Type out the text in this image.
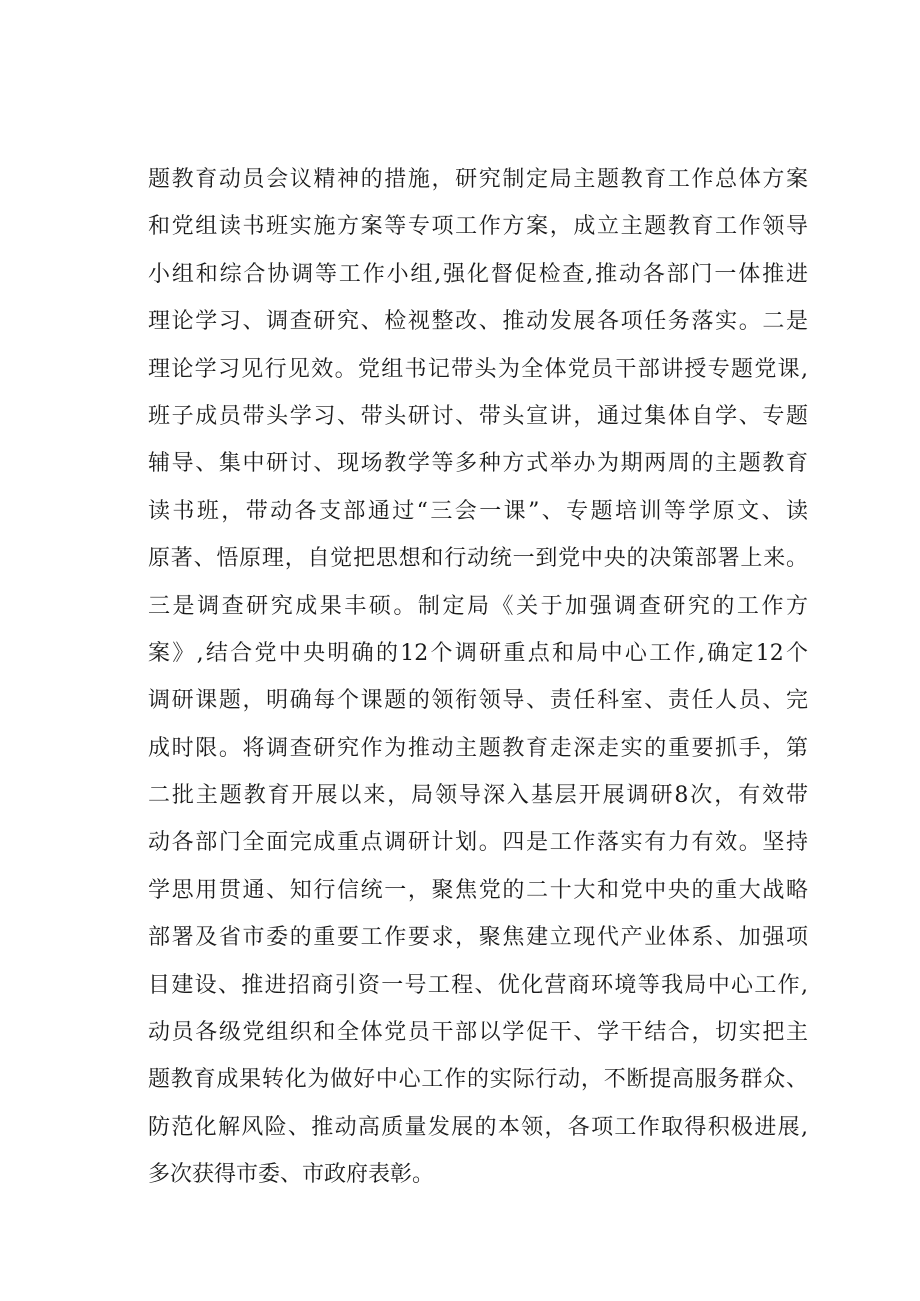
题教育动员会议精神的措施，研究制定局主题教育工作总体方案
和党组读书班实施方案等专项工作方案，成立主题教育工作领导
小组和综合协调等工作小组,强化督促检查,推动各部门一体推进
理论学习、调查研究、检视整改、推动发展各项任务落实。二是
理论学习见行见效。党组书记带头为全体党员干部讲授专题党课,
班子成员带头学习、带头研讨、带头宣讲，通过集体自学、专题
辅导、集中研讨、现场教学等多种方式举办为期两周的主题教育
读书班，带动各支部通过“三会一课”、专题培训等学原文、读
原著、悟原理，自觉把思想和行动统一到党中央的决策部署上来。
三是调查研究成果丰硕。制定局《关于加强调查研究的工作方
案》,结合党中央明确的12个调研重点和局中心工作,确定12个
调研课题，明确每个课题的领衔领导、责任科室、责任人员、完
成时限。将调查研究作为推动主题教育走深走实的重要抓手，第
二批主题教育开展以来，局领导深入基层开展调研8次，有效带
动各部门全面完成重点调研计划。四是工作落实有力有效。坚持
学思用贯通、知行信统一，聚焦党的二十大和党中央的重大战略
部署及省市委的重要工作要求，聚焦建立现代产业体系、加强项
目建设、推进招商引资一号工程、优化营商环境等我局中心工作,
动员各级党组织和全体党员干部以学促干、学干结合，切实把主
题教育成果转化为做好中心工作的实际行动，不断提高服务群众、
防范化解风险、推动高质量发展的本领，各项工作取得积极进展,
多次获得市委、市政府表彰。
